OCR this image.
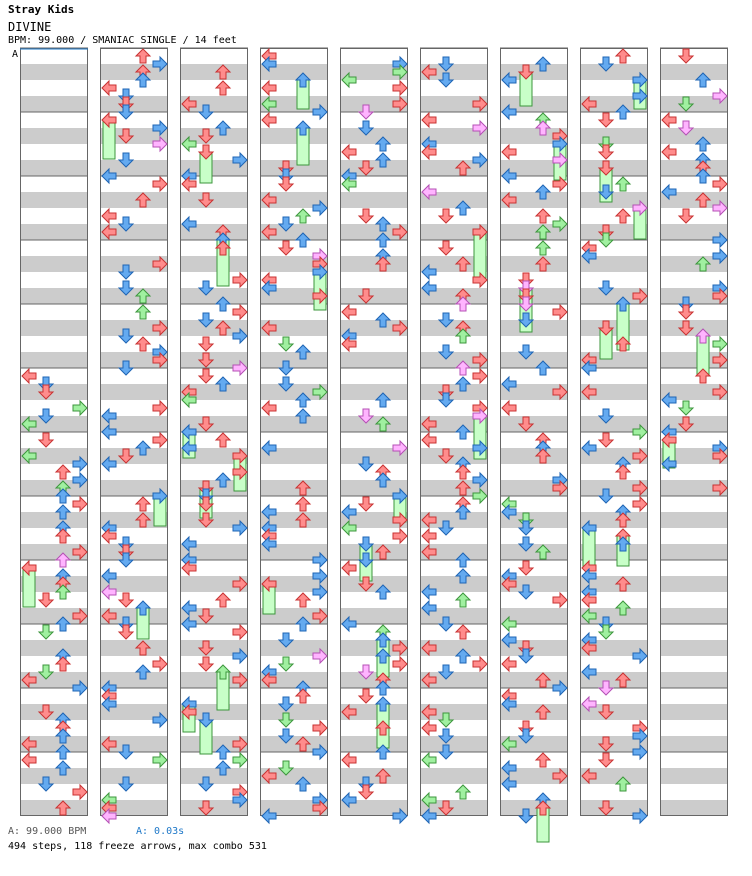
Stray Kids
DIVINE
BPM: 99.000 / SMANIAC SINGLE / 14 feet
A
A: 99.000 BPM	A: 0.03s
494 steps, 118 freeze arrows, max combo 531
